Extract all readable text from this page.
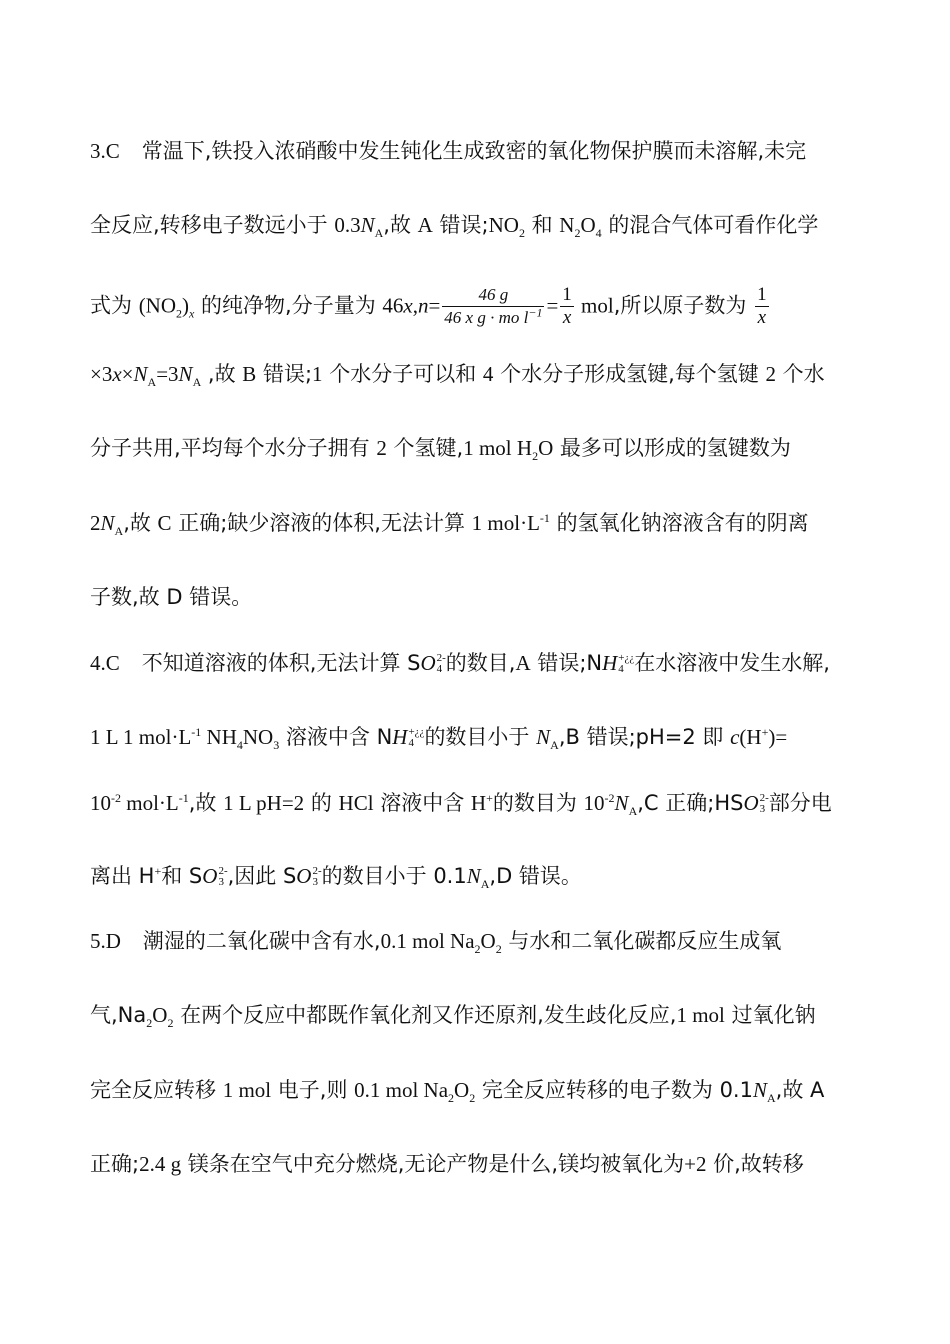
3.C 常温下,铁投入浓硝酸中发生钝化生成致密的氧化物保护膜而未溶解,未完
全反应,转移电子数远小于 $0.3N_A$,故 A 错误$;NO_2$ 和 $N_2O_4$ 的混合气体可看作化学
式为 $(NO_2)_x$ 的纯净物,分子量为 $46x,n= \frac{46 g}{46 x g \cdot mo l^{-1}} = \frac{1}{x}$ mol,所以原子数为 $\frac{1}{x}$
$\times 3x\times N_A=3N_A$ ,故 B 错误;1 个水分子可以和 4 个水分子形成氢键,每个氢键 2 个水
分子共用,平均每个水分子拥有 2 个氢键,1 mol $H_2O$ 最多可以形成的氢键数为
$2N_A$,故 C 正确;缺少溶液的体积,无法计算 1 $mol\cdot L^{-1}$ 的氢氧化钠溶液含有的阴离
子数,故 D 错误。
4.C 不知道溶液的体积,无法计算 SO 2-
4 的数目,A 错误;NH +¿¿
4 在水溶液中发生水解,
1 L 1 $mol\cdot L^{-1}$ $NH_4NO_3$ 溶液中含 NH +¿¿
4 的数目小于 $N_A,B$ 错误;pH=2 即 c(H+)=
$10^{-2}$ $mol\cdot L^{-1}$,故 1 L pH=2 的 HCl 溶液中含 H+的数目为 $10^{-2}N_A,C$ 正确;HSO 2-
3 部分电
离出 H+和 SO 2-
3 ,因此 SO 2-
3 的数目小于 $0.1N_A,D$ 错误。
5.D 潮湿的二氧化碳中含有水,0.1 mol $Na_2O_2$ 与水和二氧化碳都反应生成氧
气$,Na_2O_2$ 在两个反应中都既作氧化剂又作还原剂,发生歧化反应,1 mol 过氧化钠
完全反应转移 1 mol 电子,则 0.1 mol $Na_2O_2$ 完全反应转移的电子数为 $0.1N_A$,故 A
正确;2.4 g 镁条在空气中充分燃烧,无论产物是什么,镁均被氧化为+2 价,故转移
